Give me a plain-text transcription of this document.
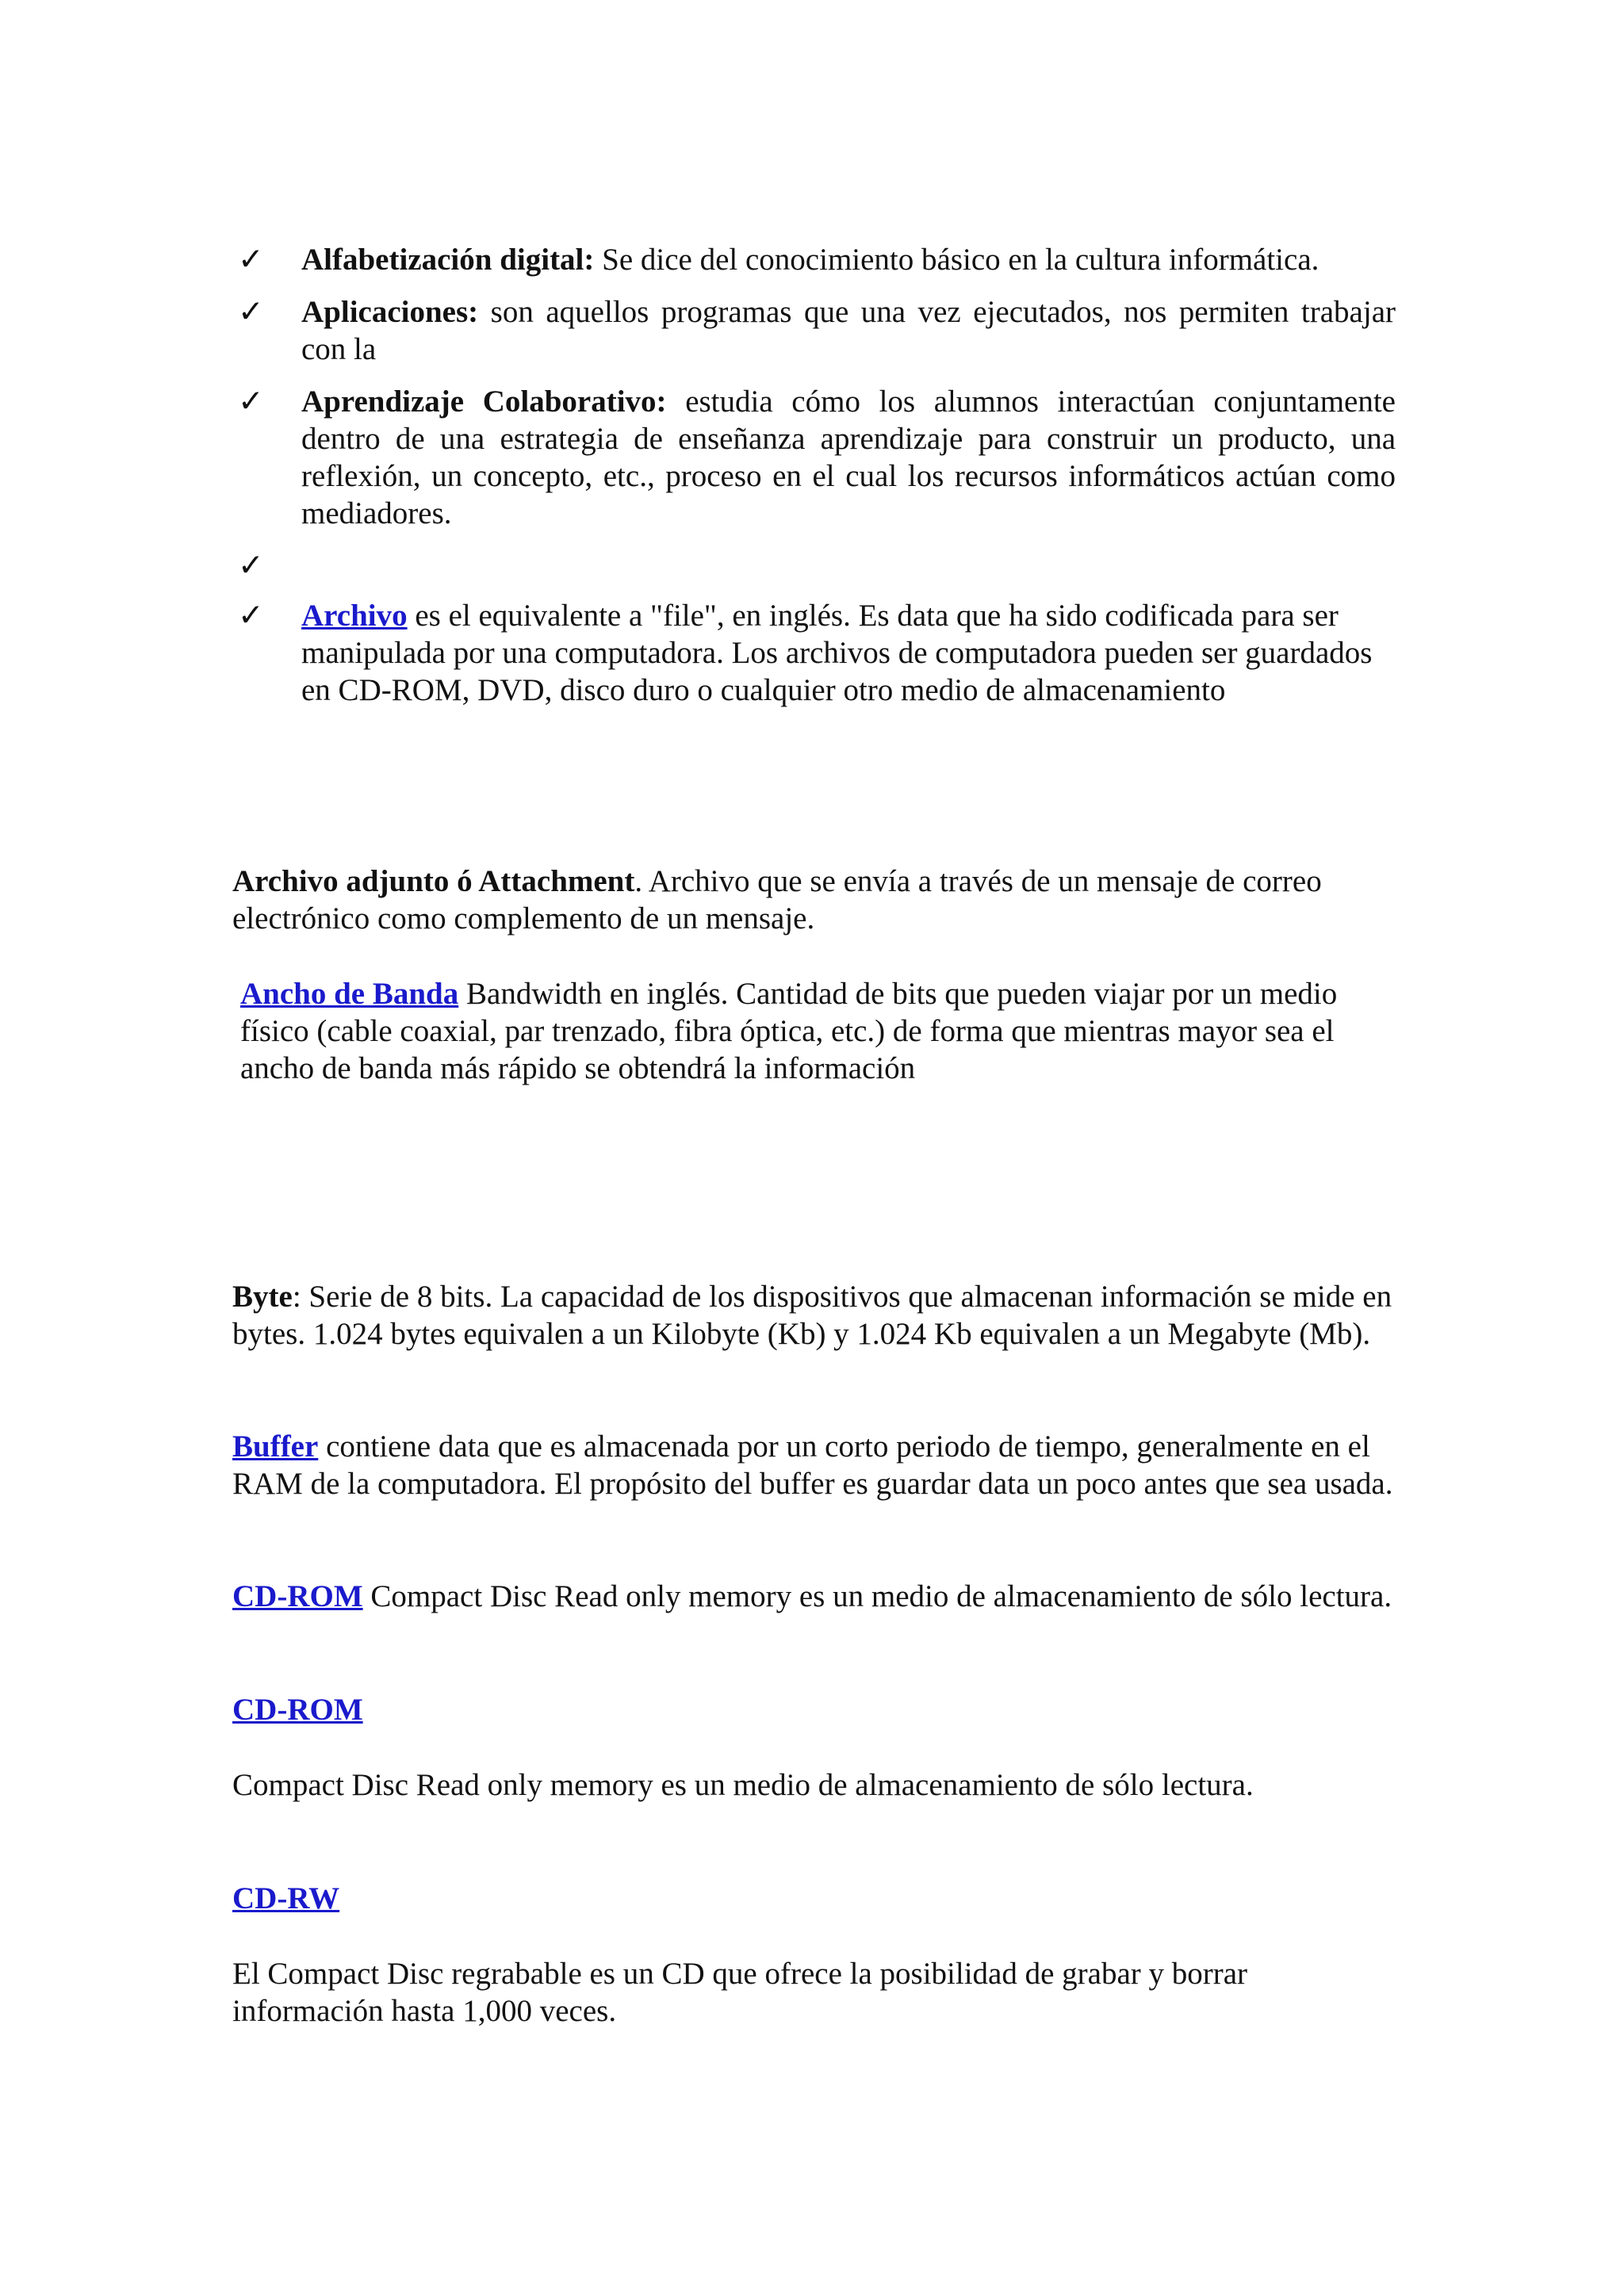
✓ Alfabetización digital: Se dice del conocimiento básico en la cultura informática.
✓ Aplicaciones: son aquellos programas que una vez ejecutados, nos permiten trabajar con la
✓ Aprendizaje Colaborativo: estudia cómo los alumnos interactúan conjuntamente dentro de una estrategia de enseñanza aprendizaje para construir un producto, una reflexión, un concepto, etc., proceso en el cual los recursos informáticos actúan como mediadores.
✓
✓ Archivo es el equivalente a "file", en inglés. Es data que ha sido codificada para ser manipulada por una computadora. Los archivos de computadora pueden ser guardados en CD-ROM, DVD, disco duro o cualquier otro medio de almacenamiento

Archivo adjunto ó Attachment. Archivo que se envía a través de un mensaje de correo electrónico como complemento de un mensaje.

Ancho de Banda Bandwidth en inglés. Cantidad de bits que pueden viajar por un medio físico (cable coaxial, par trenzado, fibra óptica, etc.) de forma que mientras mayor sea el ancho de banda más rápido se obtendrá la información

Byte: Serie de 8 bits. La capacidad de los dispositivos que almacenan información se mide en bytes. 1.024 bytes equivalen a un Kilobyte (Kb) y 1.024 Kb equivalen a un Megabyte (Mb).

Buffer contiene data que es almacenada por un corto periodo de tiempo, generalmente en el RAM de la computadora. El propósito del buffer es guardar data un poco antes que sea usada.

CD-ROM Compact Disc Read only memory es un medio de almacenamiento de sólo lectura.

CD-ROM

Compact Disc Read only memory es un medio de almacenamiento de sólo lectura.

CD-RW

El Compact Disc regrabable es un CD que ofrece la posibilidad de grabar y borrar información hasta 1,000 veces.
